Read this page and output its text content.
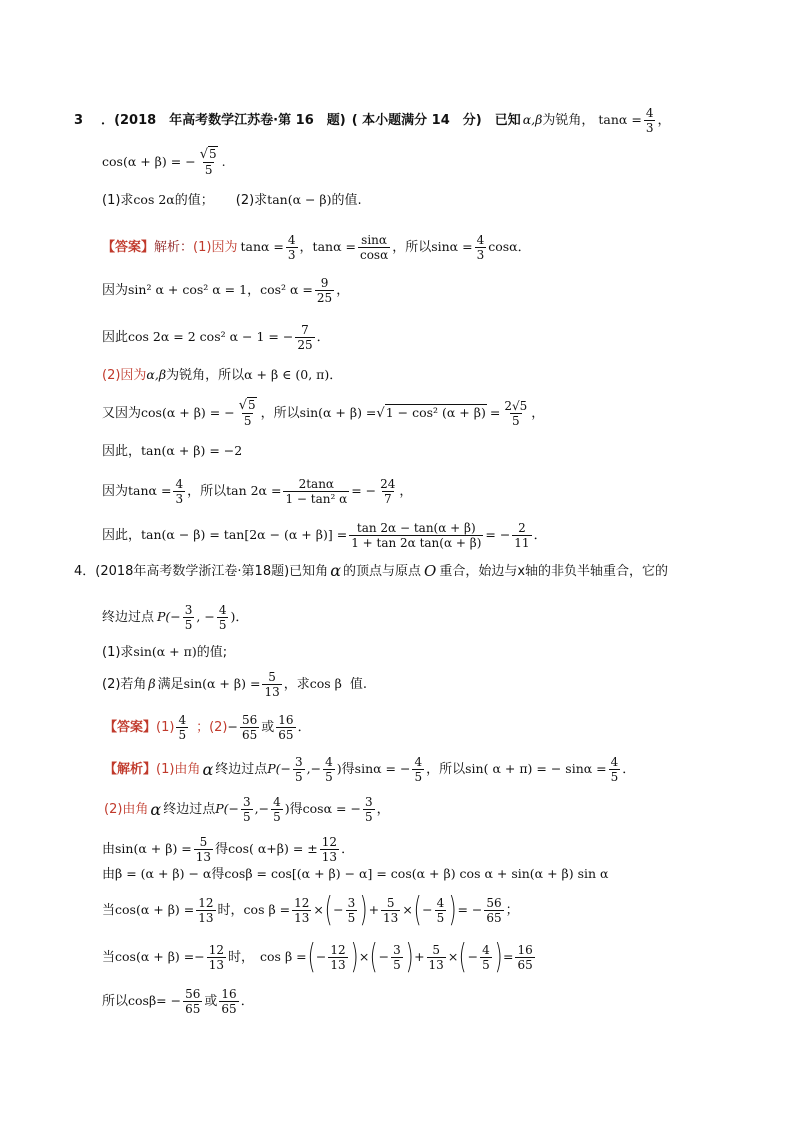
3 ． (2018　年高考数学江苏卷·第 16　题) ( 本小题满分 14　分)　已知 α,β 为锐角， $\tan\alpha = \frac{4}{3}$ ，
cos(α + β) = − $\frac{√5}{5}$ .
(1)求 cos 2α 的值； (2)求 tan(α − β) 的值.
【答案】 解析： (1) 因为 $\tan\alpha = \frac{4}{3}$ ， $\tan\alpha = \frac{\sin\alpha}{\cos\alpha}$ ，所以 $\sin\alpha = \frac{4}{3}$ cosα ．
因为 sin² α + cos² α = 1 ， cos² $\alpha = \frac{9}{25}$ ，
因此 cos 2α = 2 cos² α − 1 = − $\frac{7}{25}$ ．
(2)因为 α,β 为锐角，所以 α + β ∈ (0, π) ．
又因为 cos(α + β) = − $\frac{√5}{5}$ ，所以 sin(α + β) = √1 − cos² $(\alpha + \beta) = \frac{2√5}{5}$ ，
因此， tan(α + β) = −2
因为 $\tan\alpha = \frac{4}{3}$ ，所以 $\tan 2\alpha = \frac{2\tan\alpha}{\text{1 − tan² α}}$ = − $\frac{24}{7}$ ，
因此， $\tan(\alpha - \beta) = \tan[2\alpha - (\alpha + \beta)] = \frac{\tan 2\alpha - \tan(\alpha + \beta)}{\text{1 + tan 2α tan(α + β)}}$ = − $\frac{2}{11}$ ．
4．(2018年高考数学浙江卷·第18题)已知角 α 的顶点与原点 O 重合，始边与x轴的非负半轴重合，它的
终边过点 $P(- \frac{3}{5}$ , − $\frac{4}{5}$ ) ．
(1)求 sin(α + π) 的值;
(2)若角 β 满足 $\sin(\alpha + \beta) = \frac{5}{13}$ ，求 cos β 值.
【答案】 $(1) \frac{4}{5}$ ；$(2) - \frac{56}{65}$ 或 $\frac{16}{65}$ ．
【解析】 (1)由角 α 终边过点 $P(- \frac{3}{5}$ ,− $\frac{4}{5}$ ) 得 sinα = − $\frac{4}{5}$ ，所以 sin( α + π) = − $\sin\alpha = \frac{4}{5}$ ．
(2)由角 α 终边过点 $P(- \frac{3}{5}$ ,− $\frac{4}{5}$ ) 得 cosα = − $\frac{3}{5}$ ，
由 $\sin(\alpha + \beta) = \frac{5}{13}$ 得 cos( α+β) = ± $\frac{12}{13}$ ．
由 β = (α + β) − α 得 cosβ = cos[(α + β) − α] = cos(α + β) cos α + sin(α + β) sin α
当 $\cos(\alpha + \beta) = \frac{12}{13}$ 时， $\cos \beta = \frac{12}{13}$ × ( − $\frac{3}{5}$ ) + $\frac{5}{13}$ × ( − $\frac{4}{5}$ ) = − $\frac{56}{65}$ ；
当 cos(α + β) = − $\frac{12}{13}$ 时， cos β = ( − $\frac{12}{13}$ ) × ( − $\frac{3}{5}$ ) + $\frac{5}{13}$ × ( − $\frac{4}{5}$ ) = $\frac{16}{65}$
所以 $\cos\beta= - \frac{56}{65}$ 或 $\frac{16}{65}$ ．
